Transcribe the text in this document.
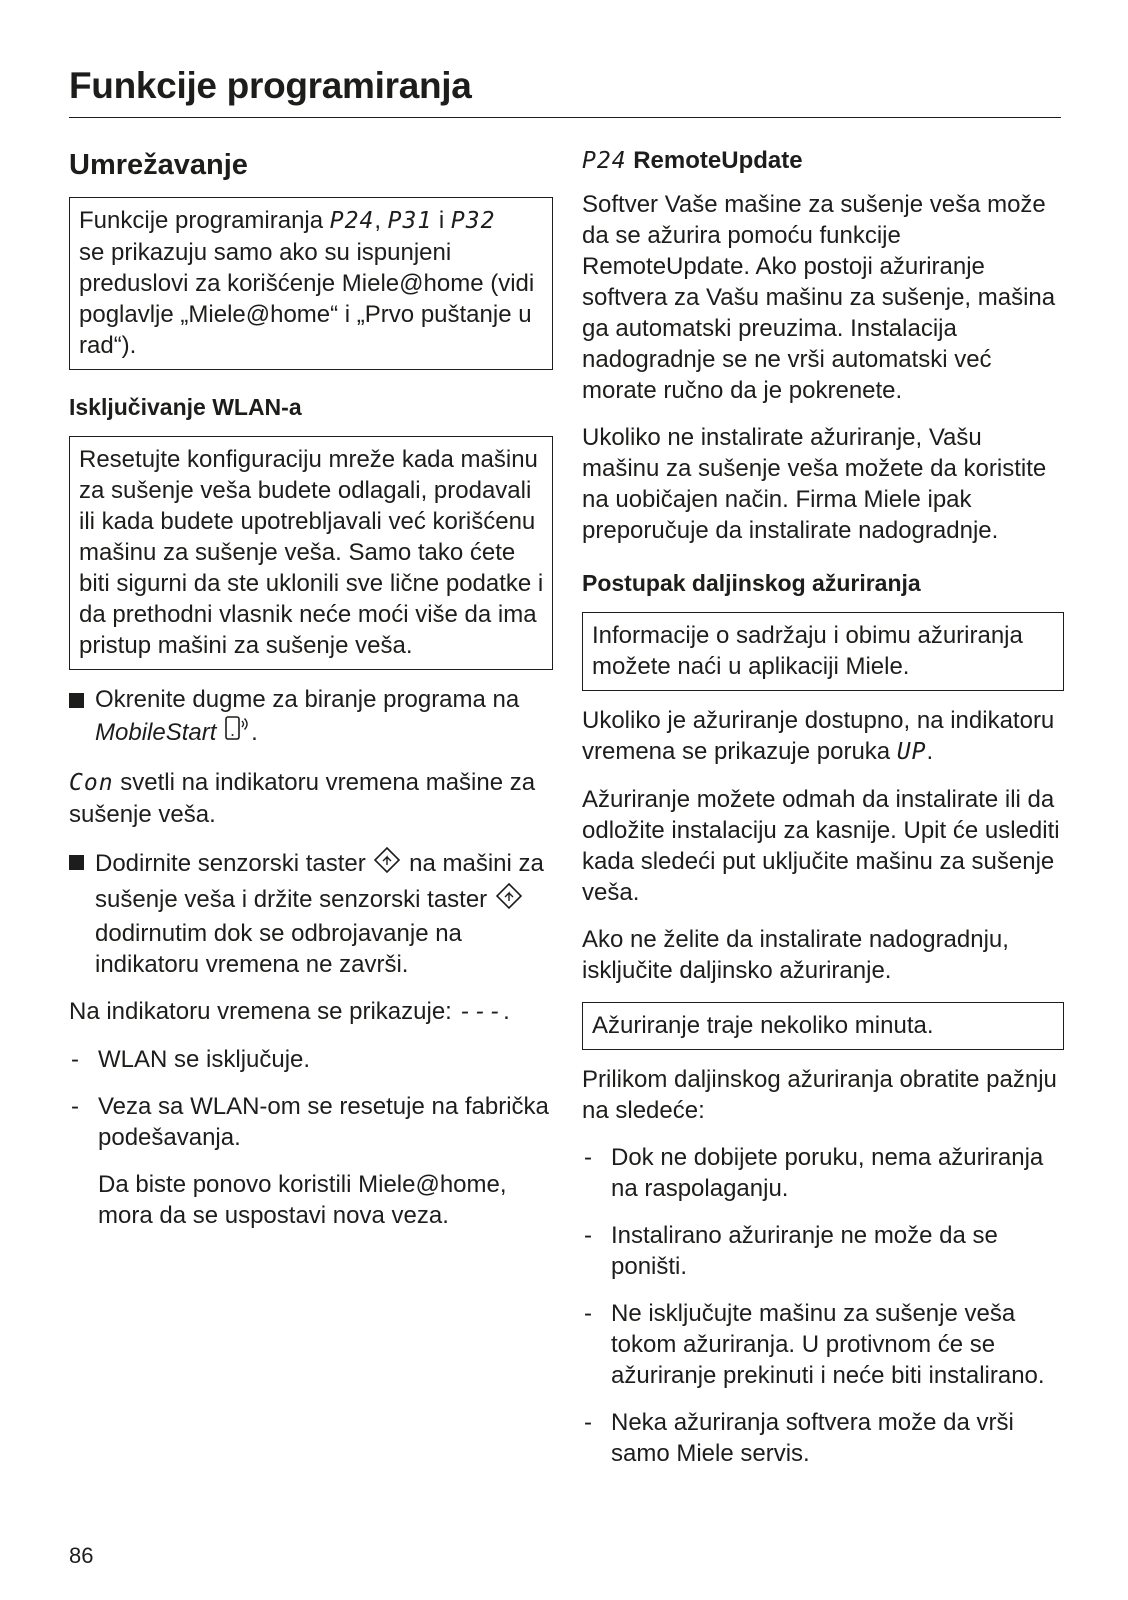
Funkcije programiranja
Umrežavanje

Funkcije programiranja P24, P31 i P32
se prikazuju samo ako su ispunjeni preduslovi za korišćenje Miele@home (vidi poglavlje „Miele@home“ i „Prvo puštanje u rad“).

Isključivanje WLAN-a

Resetujte konfiguraciju mreže kada mašinu za sušenje veša budete odlagali, prodavali ili kada budete upotrebljavali već korišćenu mašinu za sušenje veša. Samo tako ćete biti sigurni da ste uklonili sve lične podatke i da prethodni vlasnik neće moći više da ima pristup mašini za sušenje veša.

Okrenite dugme za biranje programa na MobileStart .

Con svetli na indikatoru vremena mašine za sušenje veša.

Dodirnite senzorski taster  na mašini za sušenje veša i držite senzorski taster  dodirnutim dok se odbrojavanje na indikatoru vremena ne završi.

Na indikatoru vremena se prikazuje: ---.

- WLAN se isključuje.

- Veza sa WLAN-om se resetuje na fabrička podešavanja.

Da biste ponovo koristili Miele@home, mora da se uspostavi nova veza.

P24 RemoteUpdate

Softver Vaše mašine za sušenje veša može da se ažurira pomoću funkcije RemoteUpdate. Ako postoji ažuriranje softvera za Vašu mašinu za sušenje, mašina ga automatski preuzima. Instalacija nadogradnje se ne vrši automatski već morate ručno da je pokrenete.

Ukoliko ne instalirate ažuriranje, Vašu mašinu za sušenje veša možete da koristite na uobičajen način. Firma Miele ipak preporučuje da instalirate nadogradnje.

Postupak daljinskog ažuriranja

Informacije o sadržaju i obimu ažuriranja možete naći u aplikaciji Miele.

Ukoliko je ažuriranje dostupno, na indikatoru vremena se prikazuje poruka UP.

Ažuriranje možete odmah da instalirate ili da odložite instalaciju za kasnije. Upit će uslediti kada sledeći put uključite mašinu za sušenje veša.

Ako ne želite da instalirate nadogradnju, isključite daljinsko ažuriranje.

Ažuriranje traje nekoliko minuta.

Prilikom daljinskog ažuriranja obratite pažnju na sledeće:

- Dok ne dobijete poruku, nema ažuriranja na raspolaganju.

- Instalirano ažuriranje ne može da se poništi.

- Ne isključujte mašinu za sušenje veša tokom ažuriranja. U protivnom će se ažuriranje prekinuti i neće biti instalirano.

- Neka ažuriranja softvera može da vrši samo Miele servis.

86
